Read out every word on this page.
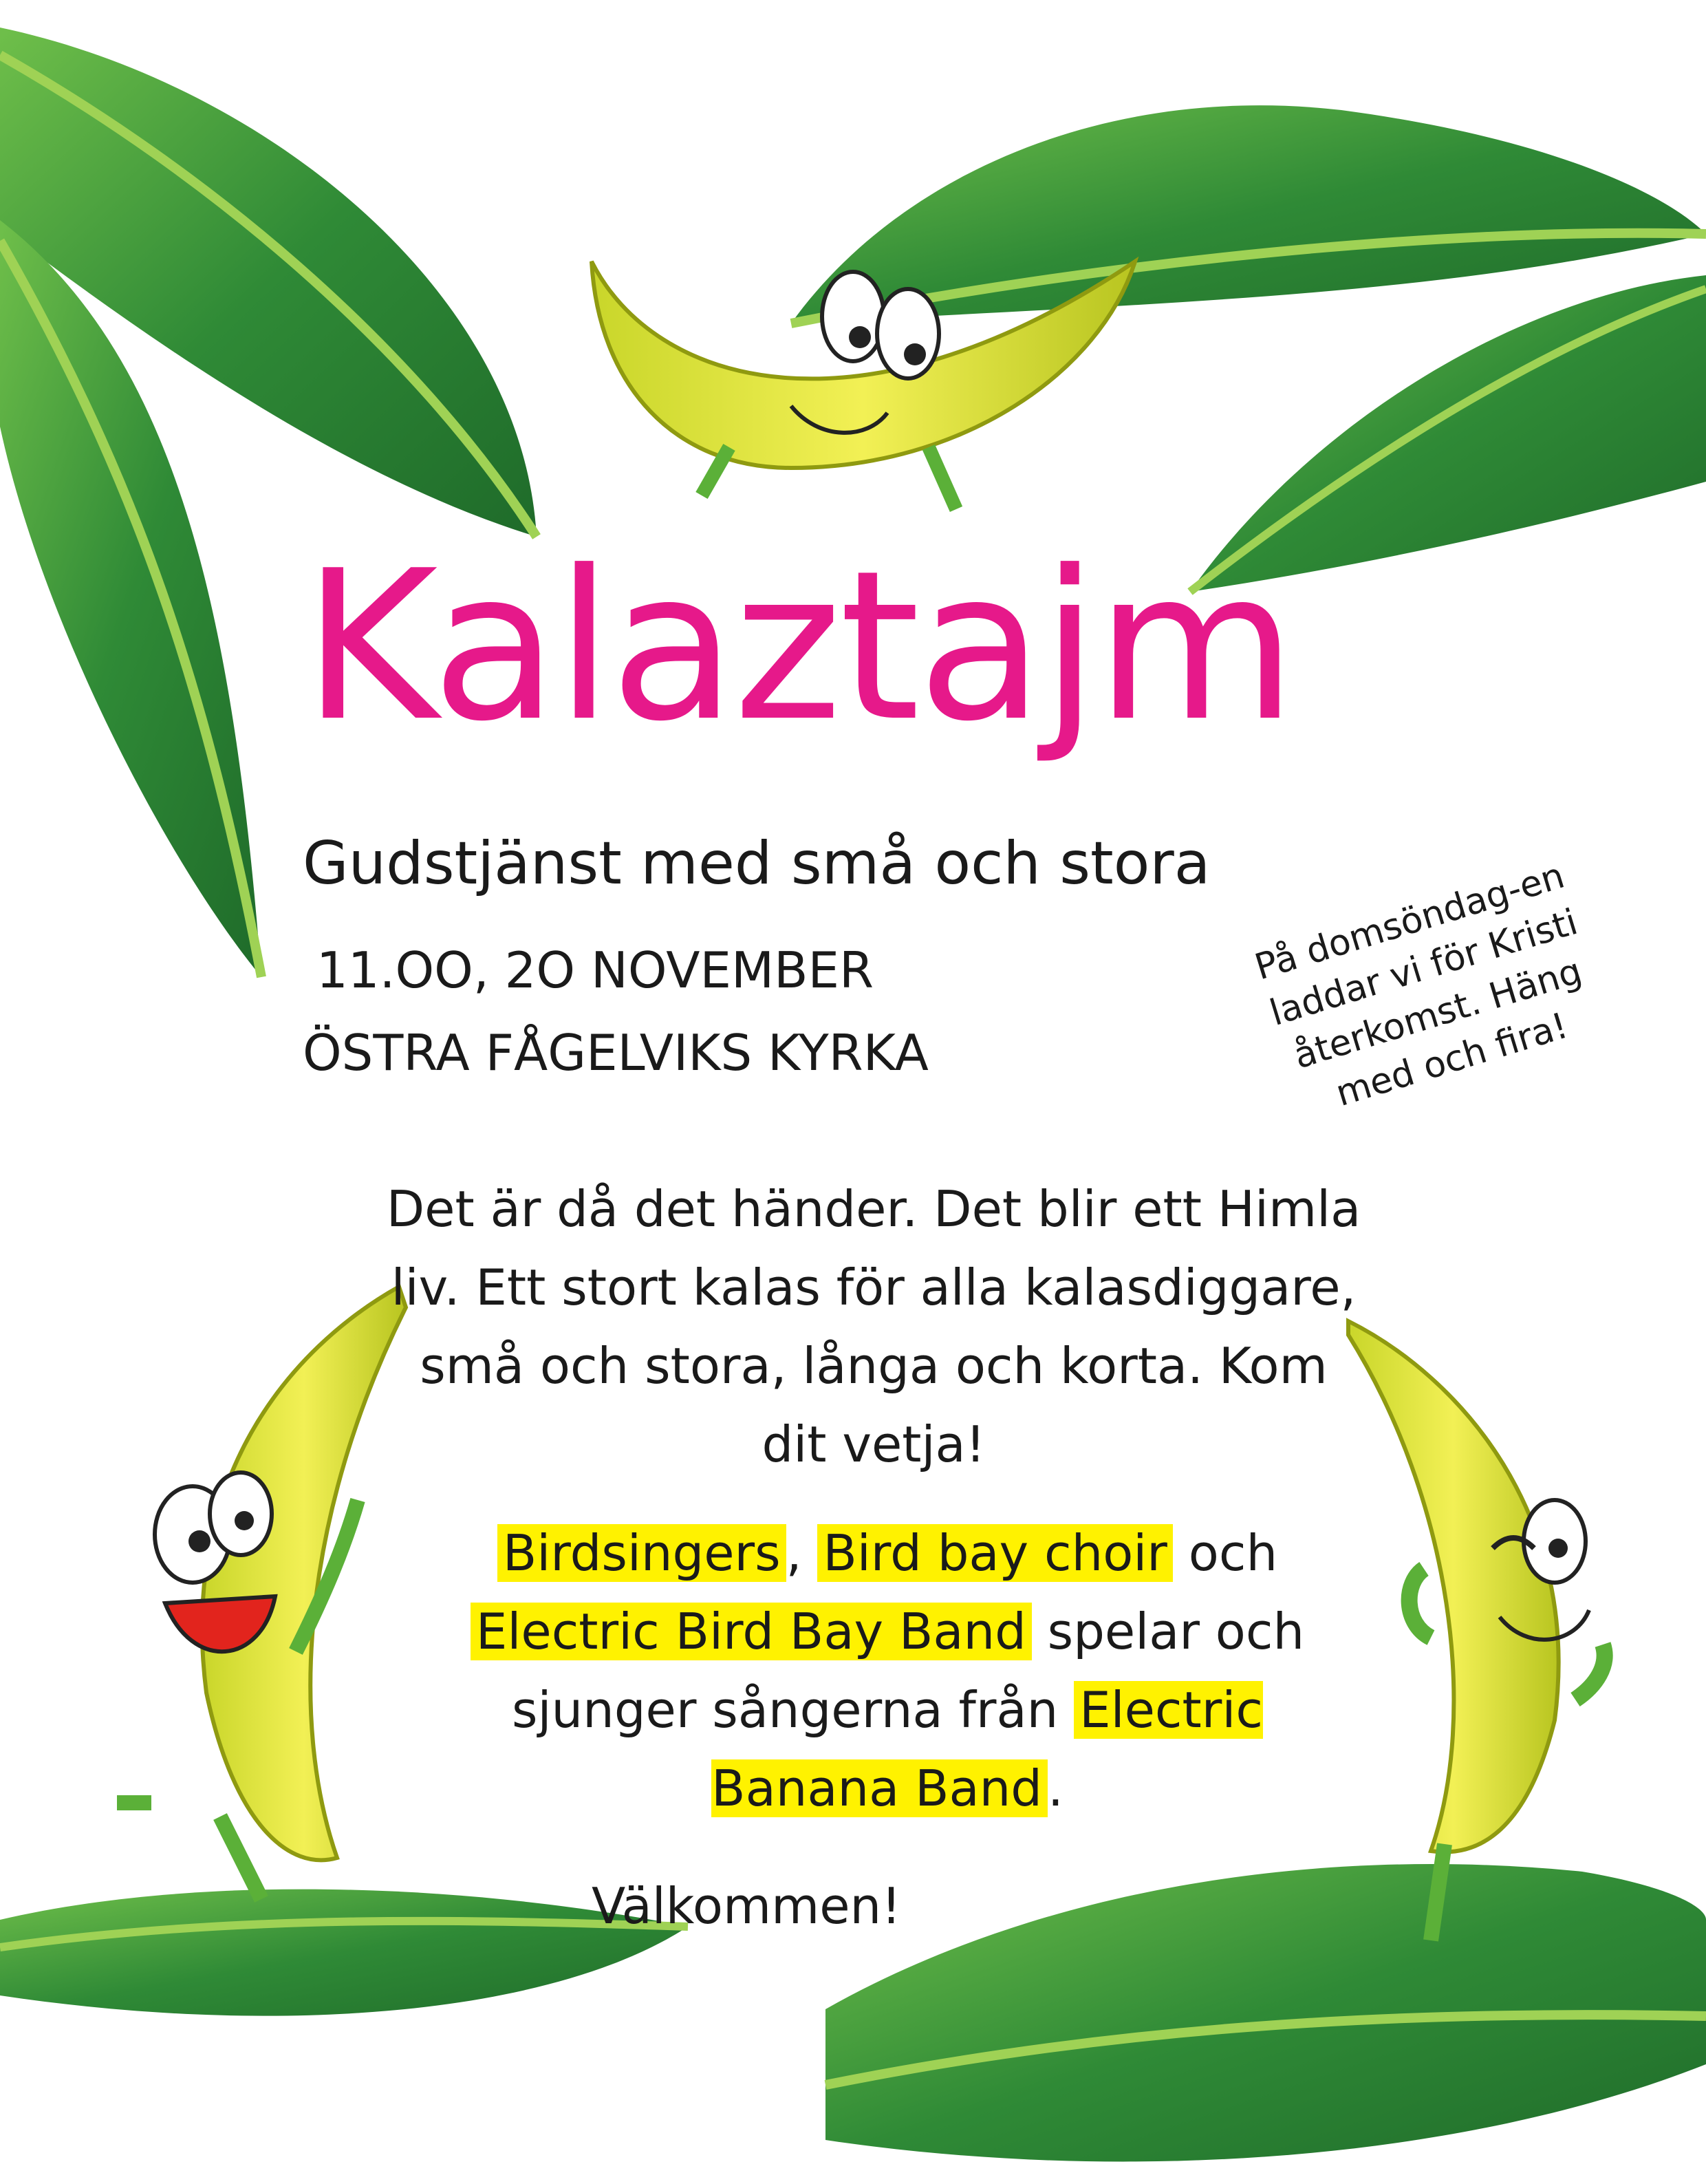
Kalaztajm

Gudstjänst med små och stora

11.OO, 2O NOVEMBER

ÖSTRA FÅGELVIKS KYRKA

På domsöndag-en laddar vi för Kristi återkomst. Häng med och fira!

Det är då det händer. Det blir ett Himla liv. Ett stort kalas för alla kalasdiggare, små och stora, långa och korta. Kom dit vetja!

Birdsingers , Bird bay choir och Electric Bird Bay Band spelar och sjunger sångerna från Electric Banana Band .

Välkommen!
